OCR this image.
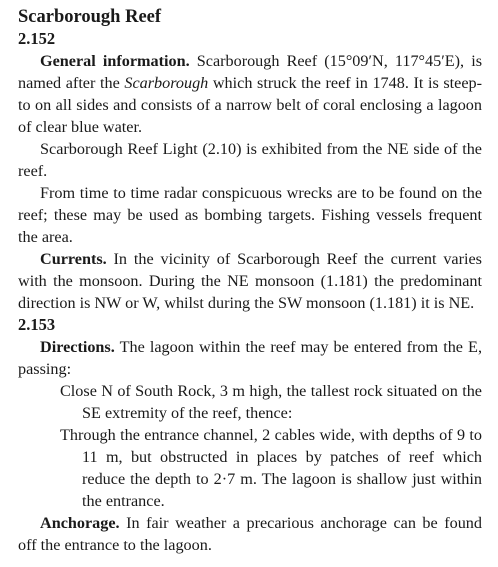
Scarborough Reef
2.152

General information. Scarborough Reef (15°09′N, 117°45′E), is named after the Scarborough which struck the reef in 1748. It is steep-to on all sides and consists of a narrow belt of coral enclosing a lagoon of clear blue water.

Scarborough Reef Light (2.10) is exhibited from the NE side of the reef.

From time to time radar conspicuous wrecks are to be found on the reef; these may be used as bombing targets. Fishing vessels frequent the area.

Currents. In the vicinity of Scarborough Reef the current varies with the monsoon. During the NE monsoon (1.181) the predominant direction is NW or W, whilst during the SW monsoon (1.181) it is NE.

2.153

Directions. The lagoon within the reef may be entered from the E, passing:

Close N of South Rock, 3 m high, the tallest rock situated on the SE extremity of the reef, thence:

Through the entrance channel, 2 cables wide, with depths of 9 to 11 m, but obstructed in places by patches of reef which reduce the depth to 2·7 m. The lagoon is shallow just within the entrance.

Anchorage. In fair weather a precarious anchorage can be found off the entrance to the lagoon.
